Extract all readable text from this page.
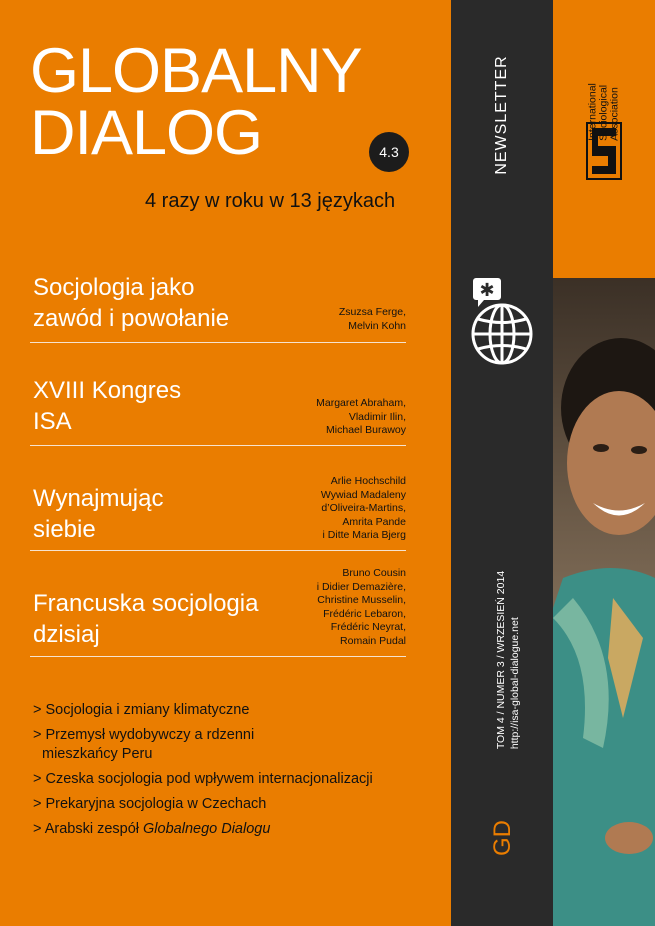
GLOBALNY
DIALOG	4.3
4 razy w roku w 13 językach
Socjologia jako
zawód i powołanie	Zsuzsa Ferge,
Melvin Kohn
XVIII Kongres
ISA
Margaret Abraham,
Vladimir Ilin,
Michael Burawoy
Wynajmując
siebie
Arlie Hochschild
Wywiad Madaleny
d’Oliveira-Martins,
Amrita Pande
i Ditte Maria Bjerg
Francuska socjologia
dzisiaj
Bruno Cousin
i Didier Demazière,
Christine Musselin,
Frédéric Lebaron,
Frédéric Neyrat,
Romain Pudal
> Socjologia i zmiany klimatyczne
> Przemysł wydobywczy a rdzenni
mieszkańcy Peru
> Czeska socjologia pod wpływem internacjonalizacji
> Prekaryjna socjologia w Czechach
> Arabski zespół Globalnego Dialogu
NEWSLETTER
✱
TOM 4 / NUMER 3 / WRZESIEŃ 2014 http://isa-global-dialogue.net
GD
International Sociological Association
